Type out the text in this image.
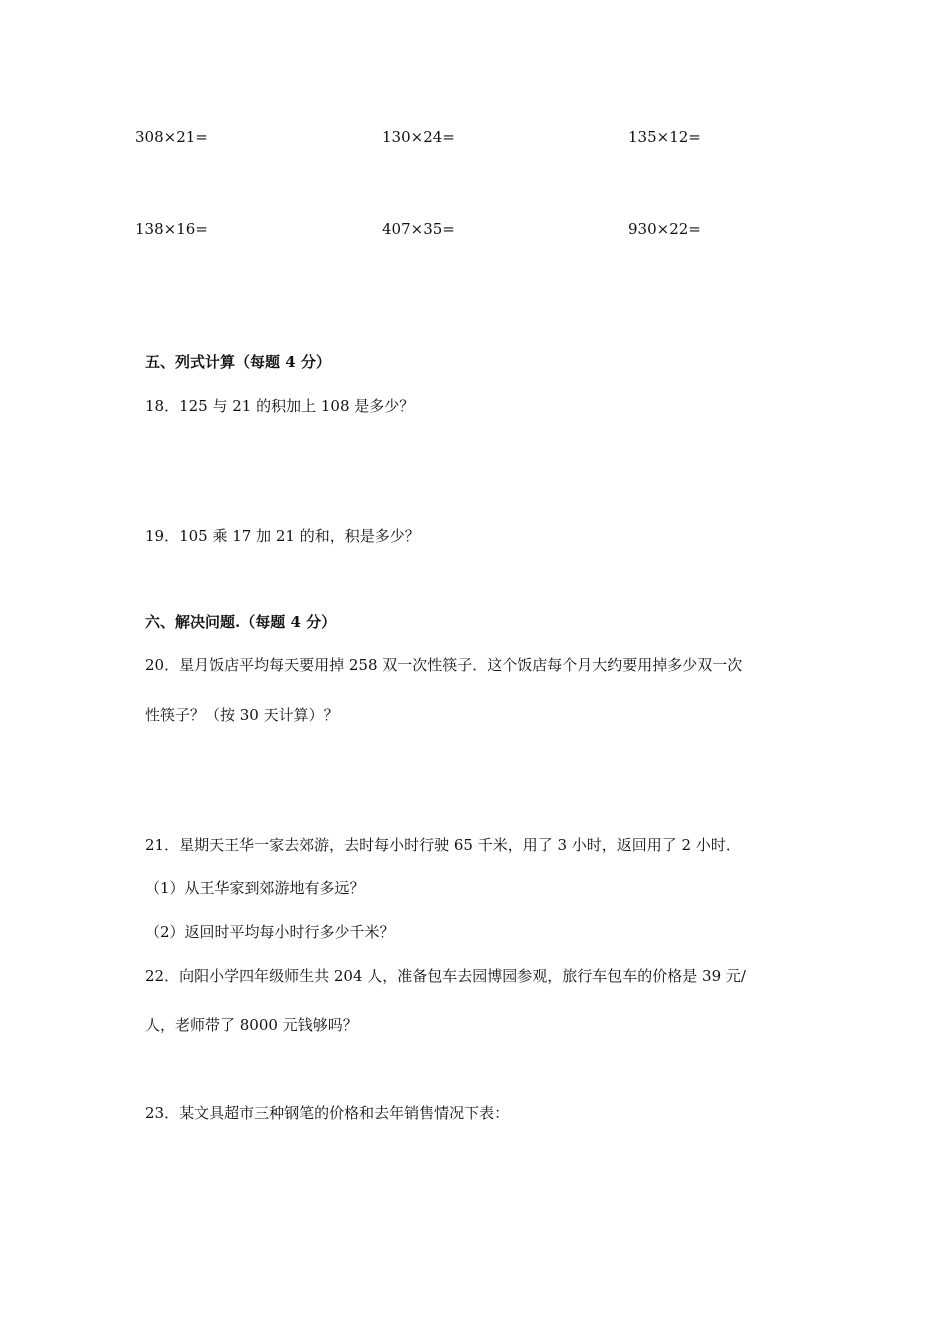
308×21=	130×24=	135×12=
138×16=	407×35=	930×22=
五、列式计算（每题 4 分）
18．125 与 21 的积加上 108 是多少？
19．105 乘 17 加 21 的和，积是多少？
六、解决问题.（每题 4 分）
20．星月饭店平均每天要用掉 258 双一次性筷子．这个饭店每个月大约要用掉多少双一次
性筷子？（按 30 天计算）？
21．星期天王华一家去郊游，去时每小时行驶 65 千米，用了 3 小时，返回用了 2 小时．
（1）从王华家到郊游地有多远？
（2）返回时平均每小时行多少千米？
22．向阳小学四年级师生共 204 人，准备包车去园博园参观，旅行车包车的价格是 39 元/
人，老师带了 8000 元钱够吗？
23．某文具超市三种钢笔的价格和去年销售情况下表：
